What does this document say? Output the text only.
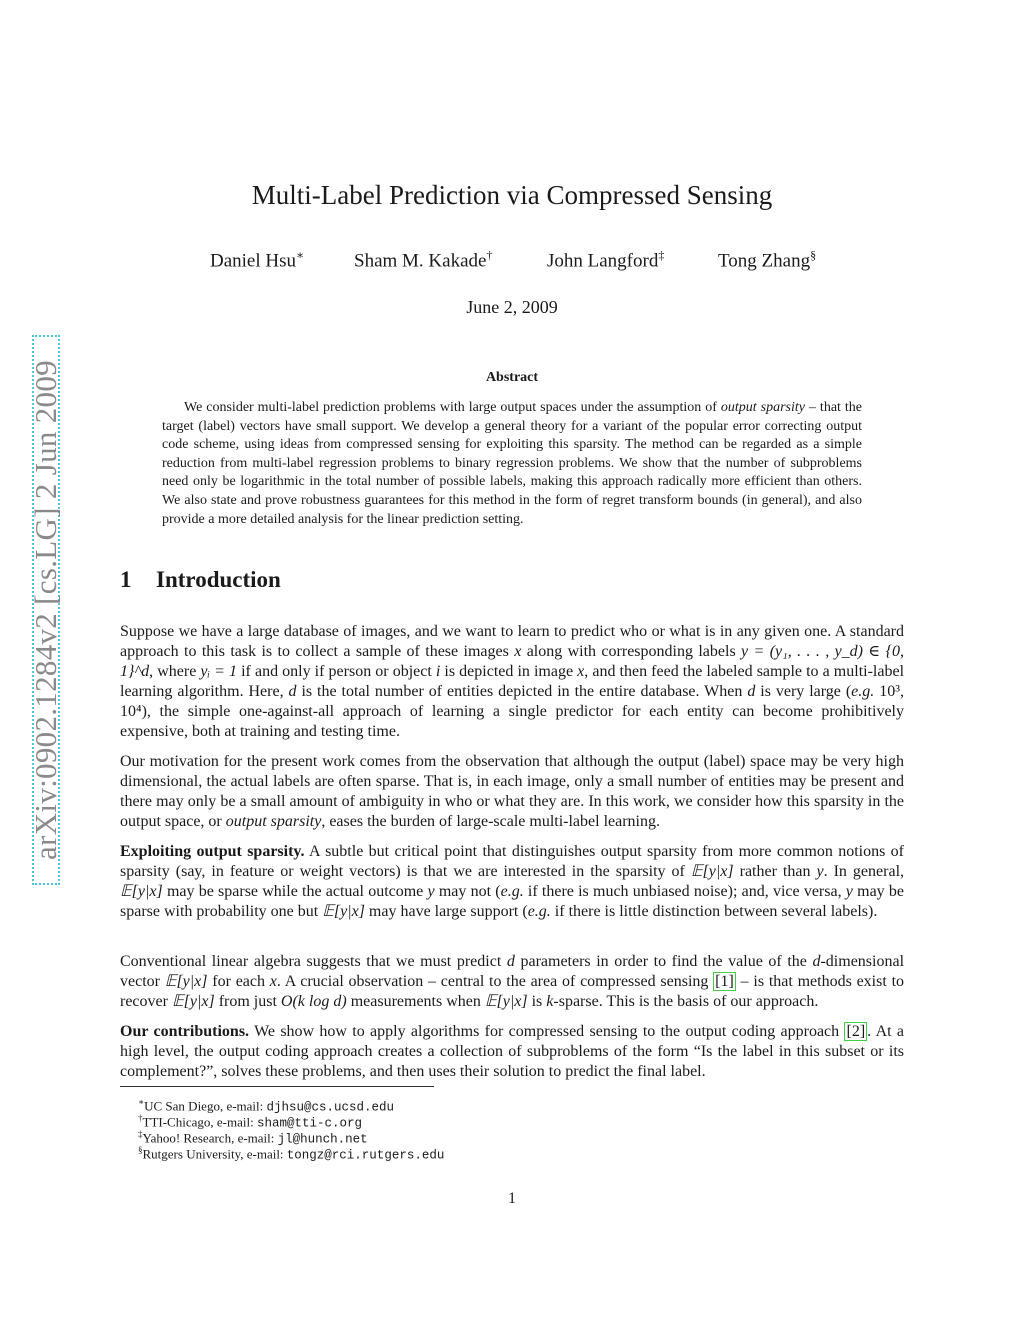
arXiv:0902.1284v2 [cs.LG] 2 Jun 2009
Multi-Label Prediction via Compressed Sensing
Daniel Hsu∗	Sham M. Kakade†	John Langford‡	Tong Zhang§
June 2, 2009
Abstract
We consider multi-label prediction problems with large output spaces under the assumption of output sparsity – that the target (label) vectors have small support. We develop a general theory for a variant of the popular error correcting output code scheme, using ideas from compressed sensing for exploiting this sparsity. The method can be regarded as a simple reduction from multi-label regression problems to binary regression problems. We show that the number of subproblems need only be logarithmic in the total number of possible labels, making this approach radically more efficient than others. We also state and prove robustness guarantees for this method in the form of regret transform bounds (in general), and also provide a more detailed analysis for the linear prediction setting.
1 Introduction

Suppose we have a large database of images, and we want to learn to predict who or what is in any given one. A standard approach to this task is to collect a sample of these images x along with corresponding labels y = (y₁, . . . , y_d) ∈ {0, 1}^d, where yᵢ = 1 if and only if person or object i is depicted in image x, and then feed the labeled sample to a multi-label learning algorithm. Here, d is the total number of entities depicted in the entire database. When d is very large (e.g. 10³, 10⁴), the simple one-against-all approach of learning a single predictor for each entity can become prohibitively expensive, both at training and testing time.

Our motivation for the present work comes from the observation that although the output (label) space may be very high dimensional, the actual labels are often sparse. That is, in each image, only a small number of entities may be present and there may only be a small amount of ambiguity in who or what they are. In this work, we consider how this sparsity in the output space, or output sparsity, eases the burden of large-scale multi-label learning.

Exploiting output sparsity. A subtle but critical point that distinguishes output sparsity from more common notions of sparsity (say, in feature or weight vectors) is that we are interested in the sparsity of 𝔼[y|x] rather than y. In general, 𝔼[y|x] may be sparse while the actual outcome y may not (e.g. if there is much unbiased noise); and, vice versa, y may be sparse with probability one but 𝔼[y|x] may have large support (e.g. if there is little distinction between several labels).

Conventional linear algebra suggests that we must predict d parameters in order to find the value of the d-dimensional vector 𝔼[y|x] for each x. A crucial observation – central to the area of compressed sensing [1] – is that methods exist to recover 𝔼[y|x] from just O(k log d) measurements when 𝔼[y|x] is k-sparse. This is the basis of our approach.

Our contributions. We show how to apply algorithms for compressed sensing to the output coding approach [2] . At a high level, the output coding approach creates a collection of subproblems of the form “Is the label in this subset or its complement?”, solves these problems, and then uses their solution to predict the final label.

∗UC San Diego, e-mail: djhsu@cs.ucsd.edu
†TTI-Chicago, e-mail: sham@tti-c.org
‡Yahoo! Research, e-mail: jl@hunch.net
§Rutgers University, e-mail: tongz@rci.rutgers.edu
1
